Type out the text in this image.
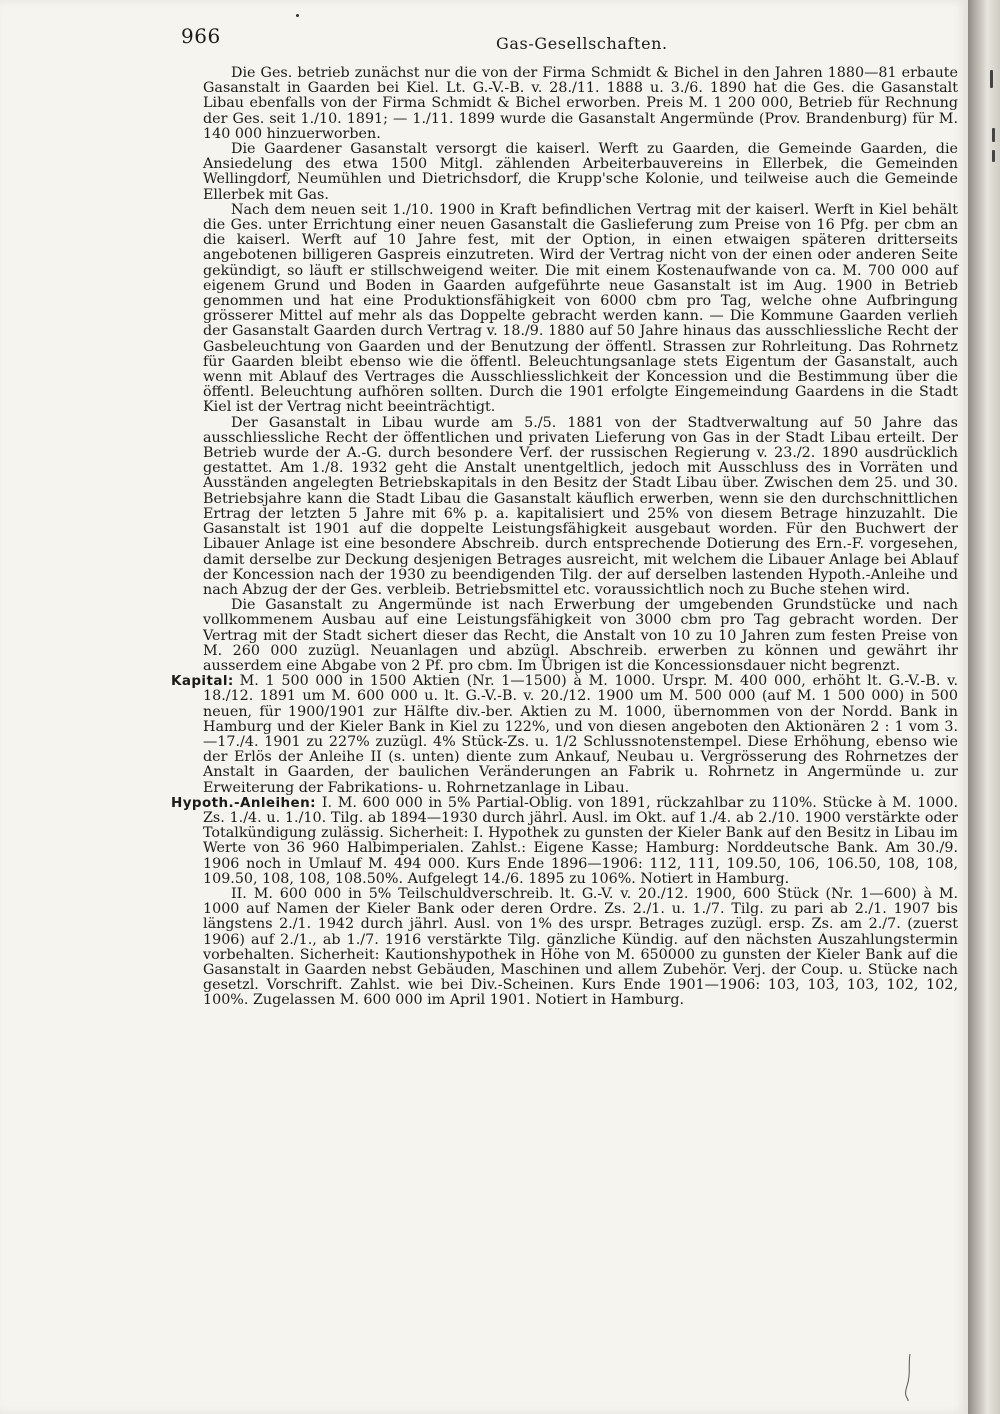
966	Gas-Gesellschaften.

Die Ges. betrieb zunächst nur die von der Firma Schmidt & Bichel in den Jahren 1880—81 erbaute Gasanstalt in Gaarden bei Kiel. Lt. G.-V.-B. v. 28./11. 1888 u. 3./6. 1890 hat die Ges. die Gasanstalt Libau ebenfalls von der Firma Schmidt & Bichel erworben. Preis M. 1 200 000, Betrieb für Rechnung der Ges. seit 1./10. 1891; — 1./11. 1899 wurde die Gasanstalt Angermünde (Prov. Brandenburg) für M. 140 000 hinzuerworben.

Die Gaardener Gasanstalt versorgt die kaiserl. Werft zu Gaarden, die Gemeinde Gaarden, die Ansiedelung des etwa 1500 Mitgl. zählenden Arbeiterbauvereins in Ellerbek, die Gemeinden Wellingdorf, Neumühlen und Dietrichsdorf, die Krupp'sche Kolonie, und teilweise auch die Gemeinde Ellerbek mit Gas.

Nach dem neuen seit 1./10. 1900 in Kraft befindlichen Vertrag mit der kaiserl. Werft in Kiel behält die Ges. unter Errichtung einer neuen Gasanstalt die Gaslieferung zum Preise von 16 Pfg. per cbm an die kaiserl. Werft auf 10 Jahre fest, mit der Option, in einen etwaigen späteren dritterseits angebotenen billigeren Gaspreis einzutreten. Wird der Vertrag nicht von der einen oder anderen Seite gekündigt, so läuft er stillschweigend weiter. Die mit einem Kostenaufwande von ca. M. 700 000 auf eigenem Grund und Boden in Gaarden aufgeführte neue Gasanstalt ist im Aug. 1900 in Betrieb genommen und hat eine Produktionsfähigkeit von 6000 cbm pro Tag, welche ohne Aufbringung grösserer Mittel auf mehr als das Doppelte gebracht werden kann. — Die Kommune Gaarden verlieh der Gasanstalt Gaarden durch Vertrag v. 18./9. 1880 auf 50 Jahre hinaus das ausschliessliche Recht der Gasbeleuchtung von Gaarden und der Benutzung der öffentl. Strassen zur Rohrleitung. Das Rohrnetz für Gaarden bleibt ebenso wie die öffentl. Beleuchtungsanlage stets Eigentum der Gasanstalt, auch wenn mit Ablauf des Vertrages die Ausschliesslichkeit der Koncession und die Bestimmung über die öffentl. Beleuchtung aufhören sollten. Durch die 1901 erfolgte Eingemeindung Gaardens in die Stadt Kiel ist der Vertrag nicht beeinträchtigt.

Der Gasanstalt in Libau wurde am 5./5. 1881 von der Stadtverwaltung auf 50 Jahre das ausschliessliche Recht der öffentlichen und privaten Lieferung von Gas in der Stadt Libau erteilt. Der Betrieb wurde der A.-G. durch besondere Verf. der russischen Regierung v. 23./2. 1890 ausdrücklich gestattet. Am 1./8. 1932 geht die Anstalt unentgeltlich, jedoch mit Ausschluss des in Vorräten und Ausständen angelegten Betriebskapitals in den Besitz der Stadt Libau über. Zwischen dem 25. und 30. Betriebsjahre kann die Stadt Libau die Gasanstalt käuflich erwerben, wenn sie den durchschnittlichen Ertrag der letzten 5 Jahre mit 6% p. a. kapitalisiert und 25% von diesem Betrage hinzuzahlt. Die Gasanstalt ist 1901 auf die doppelte Leistungsfähigkeit ausgebaut worden. Für den Buchwert der Libauer Anlage ist eine besondere Abschreib. durch entsprechende Dotierung des Ern.-F. vorgesehen, damit derselbe zur Deckung desjenigen Betrages ausreicht, mit welchem die Libauer Anlage bei Ablauf der Koncession nach der 1930 zu beendigenden Tilg. der auf derselben lastenden Hypoth.-Anleihe und nach Abzug der der Ges. verbleib. Betriebsmittel etc. voraussichtlich noch zu Buche stehen wird.

Die Gasanstalt zu Angermünde ist nach Erwerbung der umgebenden Grundstücke und nach vollkommenem Ausbau auf eine Leistungsfähigkeit von 3000 cbm pro Tag gebracht worden. Der Vertrag mit der Stadt sichert dieser das Recht, die Anstalt von 10 zu 10 Jahren zum festen Preise von M. 260 000 zuzügl. Neuanlagen und abzügl. Abschreib. erwerben zu können und gewährt ihr ausserdem eine Abgabe von 2 Pf. pro cbm. Im Übrigen ist die Koncessionsdauer nicht begrenzt.

Kapital: M. 1 500 000 in 1500 Aktien (Nr. 1—1500) à M. 1000. Urspr. M. 400 000, erhöht lt. G.-V.-B. v. 18./12. 1891 um M. 600 000 u. lt. G.-V.-B. v. 20./12. 1900 um M. 500 000 (auf M. 1 500 000) in 500 neuen, für 1900/1901 zur Hälfte div.-ber. Aktien zu M. 1000, übernommen von der Nordd. Bank in Hamburg und der Kieler Bank in Kiel zu 122%, und von diesen angeboten den Aktionären 2 : 1 vom 3.—17./4. 1901 zu 227% zuzügl. 4% Stück-Zs. u. 1/2 Schlussnotenstempel. Diese Erhöhung, ebenso wie der Erlös der Anleihe II (s. unten) diente zum Ankauf, Neubau u. Vergrösserung des Rohrnetzes der Anstalt in Gaarden, der baulichen Veränderungen an Fabrik u. Rohrnetz in Angermünde u. zur Erweiterung der Fabrikations- u. Rohrnetzanlage in Libau.

Hypoth.-Anleihen: I. M. 600 000 in 5% Partial-Oblig. von 1891, rückzahlbar zu 110%. Stücke à M. 1000. Zs. 1./4. u. 1./10. Tilg. ab 1894—1930 durch jährl. Ausl. im Okt. auf 1./4. ab 2./10. 1900 verstärkte oder Totalkündigung zulässig. Sicherheit: I. Hypothek zu gunsten der Kieler Bank auf den Besitz in Libau im Werte von 36 960 Halbimperialen. Zahlst.: Eigene Kasse; Hamburg: Norddeutsche Bank. Am 30./9. 1906 noch in Umlauf M. 494 000. Kurs Ende 1896—1906: 112, 111, 109.50, 106, 106.50, 108, 108, 109.50, 108, 108, 108.50%. Aufgelegt 14./6. 1895 zu 106%. Notiert in Hamburg.

II. M. 600 000 in 5% Teilschuldverschreib. lt. G.-V. v. 20./12. 1900, 600 Stück (Nr. 1—600) à M. 1000 auf Namen der Kieler Bank oder deren Ordre. Zs. 2./1. u. 1./7. Tilg. zu pari ab 2./1. 1907 bis längstens 2./1. 1942 durch jährl. Ausl. von 1% des urspr. Betrages zuzügl. ersp. Zs. am 2./7. (zuerst 1906) auf 2./1., ab 1./7. 1916 verstärkte Tilg. gänzliche Kündig. auf den nächsten Auszahlungstermin vorbehalten. Sicherheit: Kautionshypothek in Höhe von M. 650000 zu gunsten der Kieler Bank auf die Gasanstalt in Gaarden nebst Gebäuden, Maschinen und allem Zubehör. Verj. der Coup. u. Stücke nach gesetzl. Vorschrift. Zahlst. wie bei Div.-Scheinen. Kurs Ende 1901—1906: 103, 103, 103, 102, 102, 100%. Zugelassen M. 600 000 im April 1901. Notiert in Hamburg.
